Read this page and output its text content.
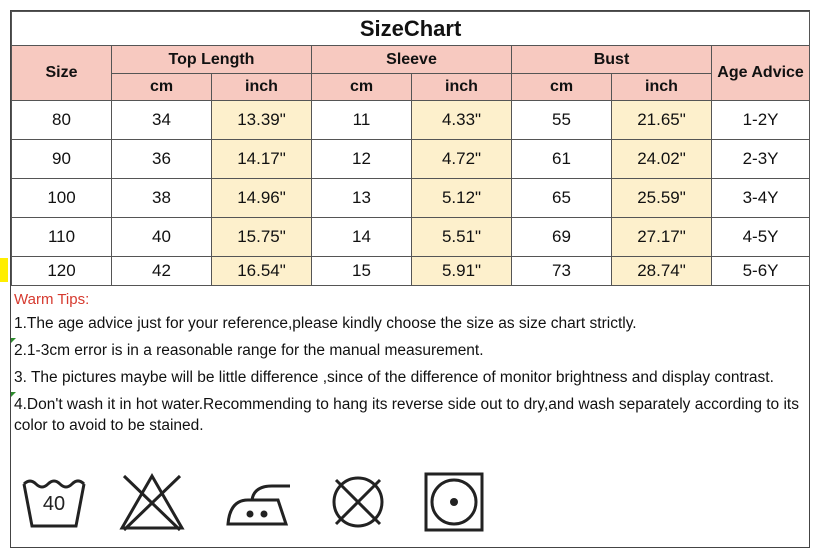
SizeChart							
Size	Top Length		Sleeve		Bust		Age Advice
	cm	inch	cm	inch	cm	inch	
80	34	13.39"	11	4.33"	55	21.65"	1-2Y
90	36	14.17"	12	4.72"	61	24.02"	2-3Y
100	38	14.96"	13	5.12"	65	25.59"	3-4Y
110	40	15.75"	14	5.51"	69	27.17"	4-5Y
120	42	16.54"	15	5.91"	73	28.74"	5-6Y
Warm Tips:
1.The age advice just for your reference,please kindly choose the size as size chart strictly.
2.1-3cm error is in a reasonable range for the manual measurement.
3. The pictures maybe will be little difference ,since of the difference of monitor brightness and display contrast.
4.Don't wash it in hot water.Recommending to hang its reverse side out to dry,and wash separately according to its color to avoid to be stained.
40
